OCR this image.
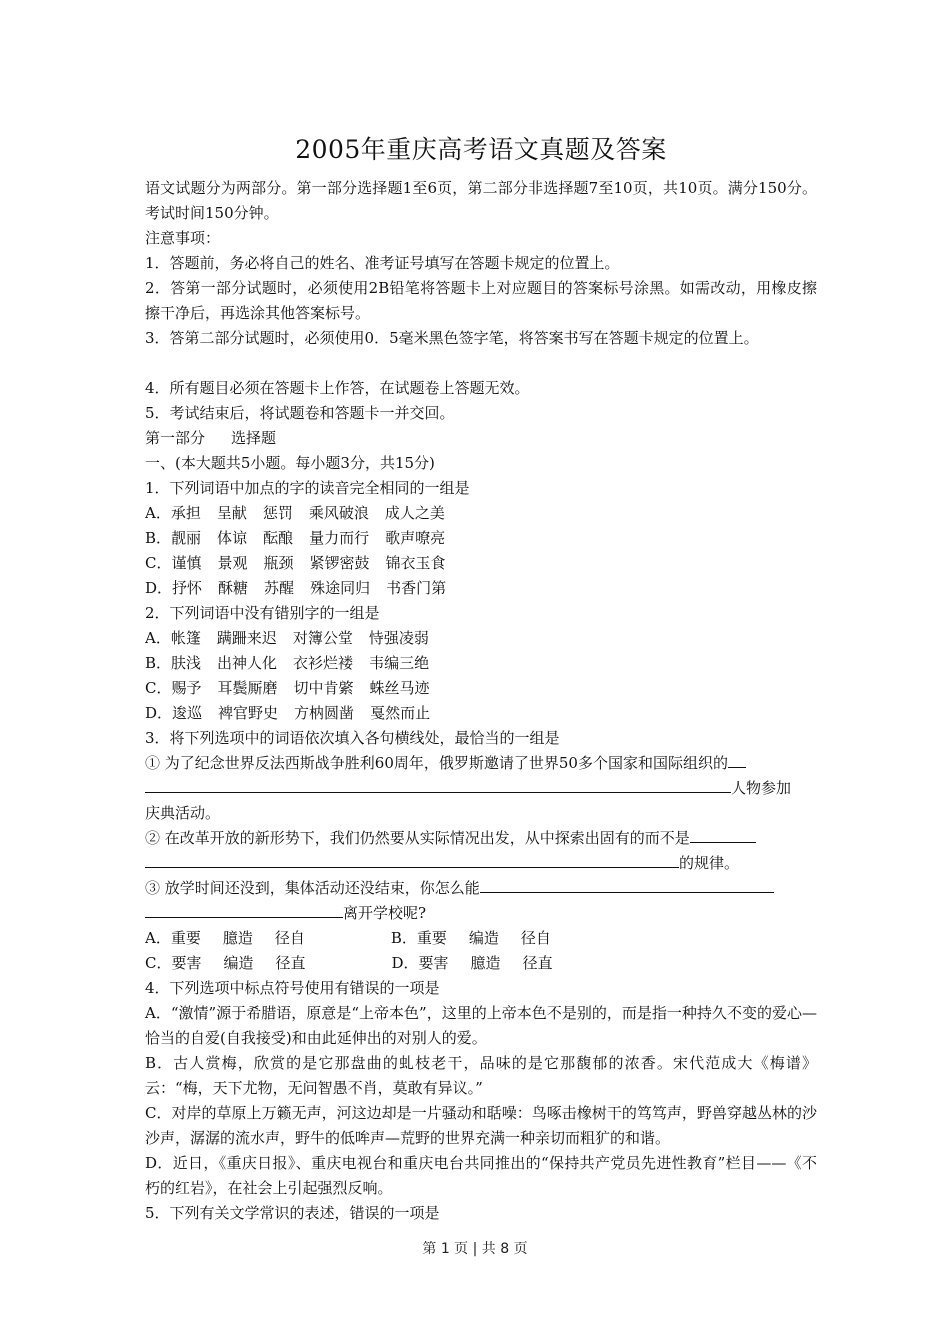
2005年重庆高考语文真题及答案
语文试题分为两部分。第一部分选择题1至6页，第二部分非选择题7至10页，共10页。满分150分。考试时间150分钟。
注意事项：
1．答题前，务必将自己的姓名、准考证号填写在答题卡规定的位置上。
2．答第一部分试题时，必须使用2B铅笔将答题卡上对应题目的答案标号涂黑。如需改动，用橡皮擦擦干净后，再选涂其他答案标号。
3．答第二部分试题时，必须使用0．5毫米黑色签字笔，将答案书写在答题卡规定的位置上。
4．所有题目必须在答题卡上作答，在试题卷上答题无效。
5．考试结束后，将试题卷和答题卡一并交回。
第一部分 选择题
一、(本大题共5小题。每小题3分，共15分)
1．下列词语中加点的字的读音完全相同的一组是
A．承担 呈献 惩罚 乘风破浪 成人之美
B．靓丽 体谅 酝酿 量力而行 歌声嘹亮
C．谨慎 景观 瓶颈 紧锣密鼓 锦衣玉食
D．抒怀 酥糖 苏醒 殊途同归 书香门第
2．下列词语中没有错别字的一组是
A．帐篷 蹒跚来迟 对簿公堂 恃强凌弱
B．肤浅 出神人化 衣衫烂褛 韦编三绝
C．赐予 耳鬓厮磨 切中肯綮 蛛丝马迹
D．逡巡 裨官野史 方枘圆凿 戛然而止
3．将下列选项中的词语依次填入各句横线处，最恰当的一组是
① 为了纪念世界反法西斯战争胜利60周年，俄罗斯邀请了世界50多个国家和国际组织的
人物参加
庆典活动。
② 在改革开放的新形势下，我们仍然要从实际情况出发，从中探索出固有的而不是
的规律。
③ 放学时间还没到，集体活动还没结束，你怎么能
离开学校呢?
A．重要 臆造 径自	B．重要 编造 径自
C．要害 编造 径直	D．要害 臆造 径直
4．下列选项中标点符号使用有错误的一项是
A．“激情”源于希腊语，原意是“上帝本色”，这里的上帝本色不是别的，而是指一种持久不变的爱心—恰当的自爱(自我接受)和由此延伸出的对别人的爱。
B．古人赏梅，欣赏的是它那盘曲的虬枝老干，品味的是它那馥郁的浓香。宋代范成大《梅谱》云：“梅，天下尤物，无问智愚不肖，莫敢有异议。”
C．对岸的草原上万籁无声，河这边却是一片骚动和聒噪：鸟啄击橡树干的笃笃声，野兽穿越丛林的沙沙声，潺潺的流水声，野牛的低哞声—荒野的世界充满一种亲切而粗犷的和谐。
D．近日，《重庆日报》、重庆电视台和重庆电台共同推出的“保持共产党员先进性教育”栏目——《不朽的红岩》，在社会上引起强烈反响。
5．下列有关文学常识的表述，错误的一项是
第 1 页 | 共 8 页
